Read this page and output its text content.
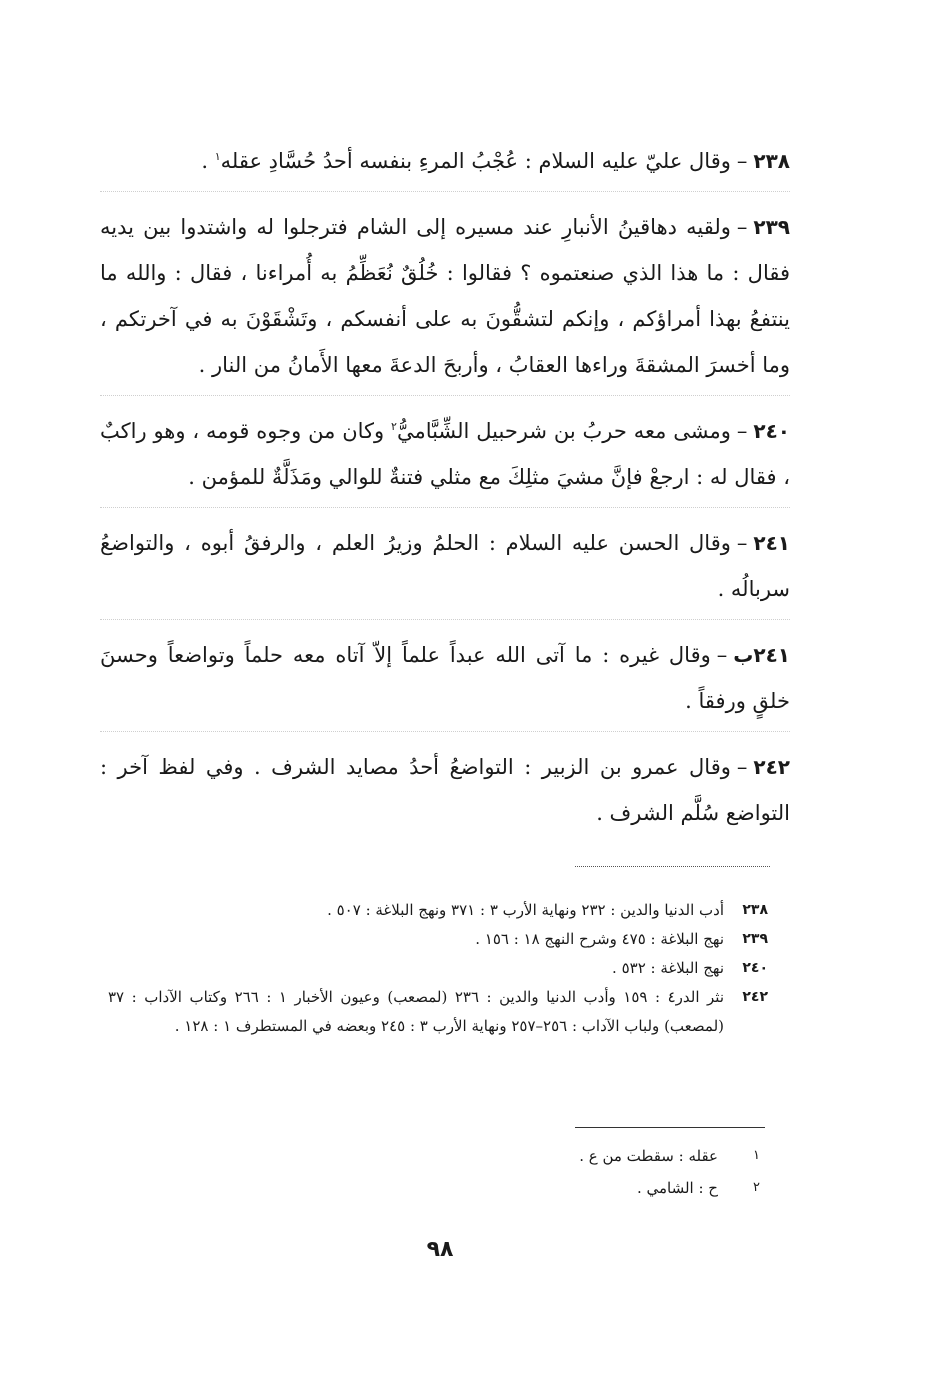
٢٣٨–وقال عليّ عليه السلام : عُجْبُ المرءِ بنفسه أحدُ حُسَّادِ عقله$^١$ .

٢٣٩–ولقيه دهاقينُ الأنبارِ عند مسيره إلى الشام فترجلوا له واشتدوا بين يديه فقال : ما هذا الذي صنعتموه ؟ فقالوا : خُلُقٌ نُعَظِّمُ به أُمراءنا ، فقال : والله ما ينتفعُ بهذا أمراؤكم ، وإنكم لتشقُّونَ به على أنفسكم ، وتَشْقَوْنَ به في آخرتكم ، وما أخسرَ المشقةَ وراءها العقابُ ، وأربحَ الدعةَ معها الأَمانُ من النار .

٢٤٠–ومشى معه حربُ بن شرحبيل الشِّبَّاميُّ$^٢$ وكان من وجوه قومه ، وهو راكبٌ ، فقال له : ارجعْ فإنَّ مشيَ مثلِكَ مع مثلي فتنةٌ للوالي ومَذَلَّةٌ للمؤمن .

٢٤١–وقال الحسن عليه السلام : الحلمُ وزيرُ العلم ، والرفقُ أبوه ، والتواضعُ سربالُه .

٢٤١ب–وقال غيره : ما آتى الله عبداً علماً إلاّ آتاه معه حلماً وتواضعاً وحسنَ خلقٍ ورفقاً .

٢٤٢–وقال عمرو بن الزبير : التواضعُ أحدُ مصايد الشرف . وفي لفظ آخر : التواضع سُلَّم الشرف .

٢٣٨
أدب الدنيا والدين : ٢٣٢ ونهاية الأرب ٣ : ٣٧١ ونهج البلاغة : ٥٠٧ .
٢٣٩
نهج البلاغة : ٤٧٥ وشرح النهج ١٨ : ١٥٦ .
٢٤٠
نهج البلاغة : ٥٣٢ .
٢٤٢
نثر الدر٤ : ١٥٩ وأدب الدنيا والدين : ٢٣٦ (لمصعب) وعيون الأخبار ١ : ٢٦٦ وكتاب الآداب : ٣٧ (لمصعب) ولباب الآداب : ٢٥٦–٢٥٧ ونهاية الأرب ٣ : ٢٤٥ وبعضه في المستطرف ١ : ١٢٨ .
١
عقله : سقطت من ع .
٢
ح : الشامي .
٩٨
